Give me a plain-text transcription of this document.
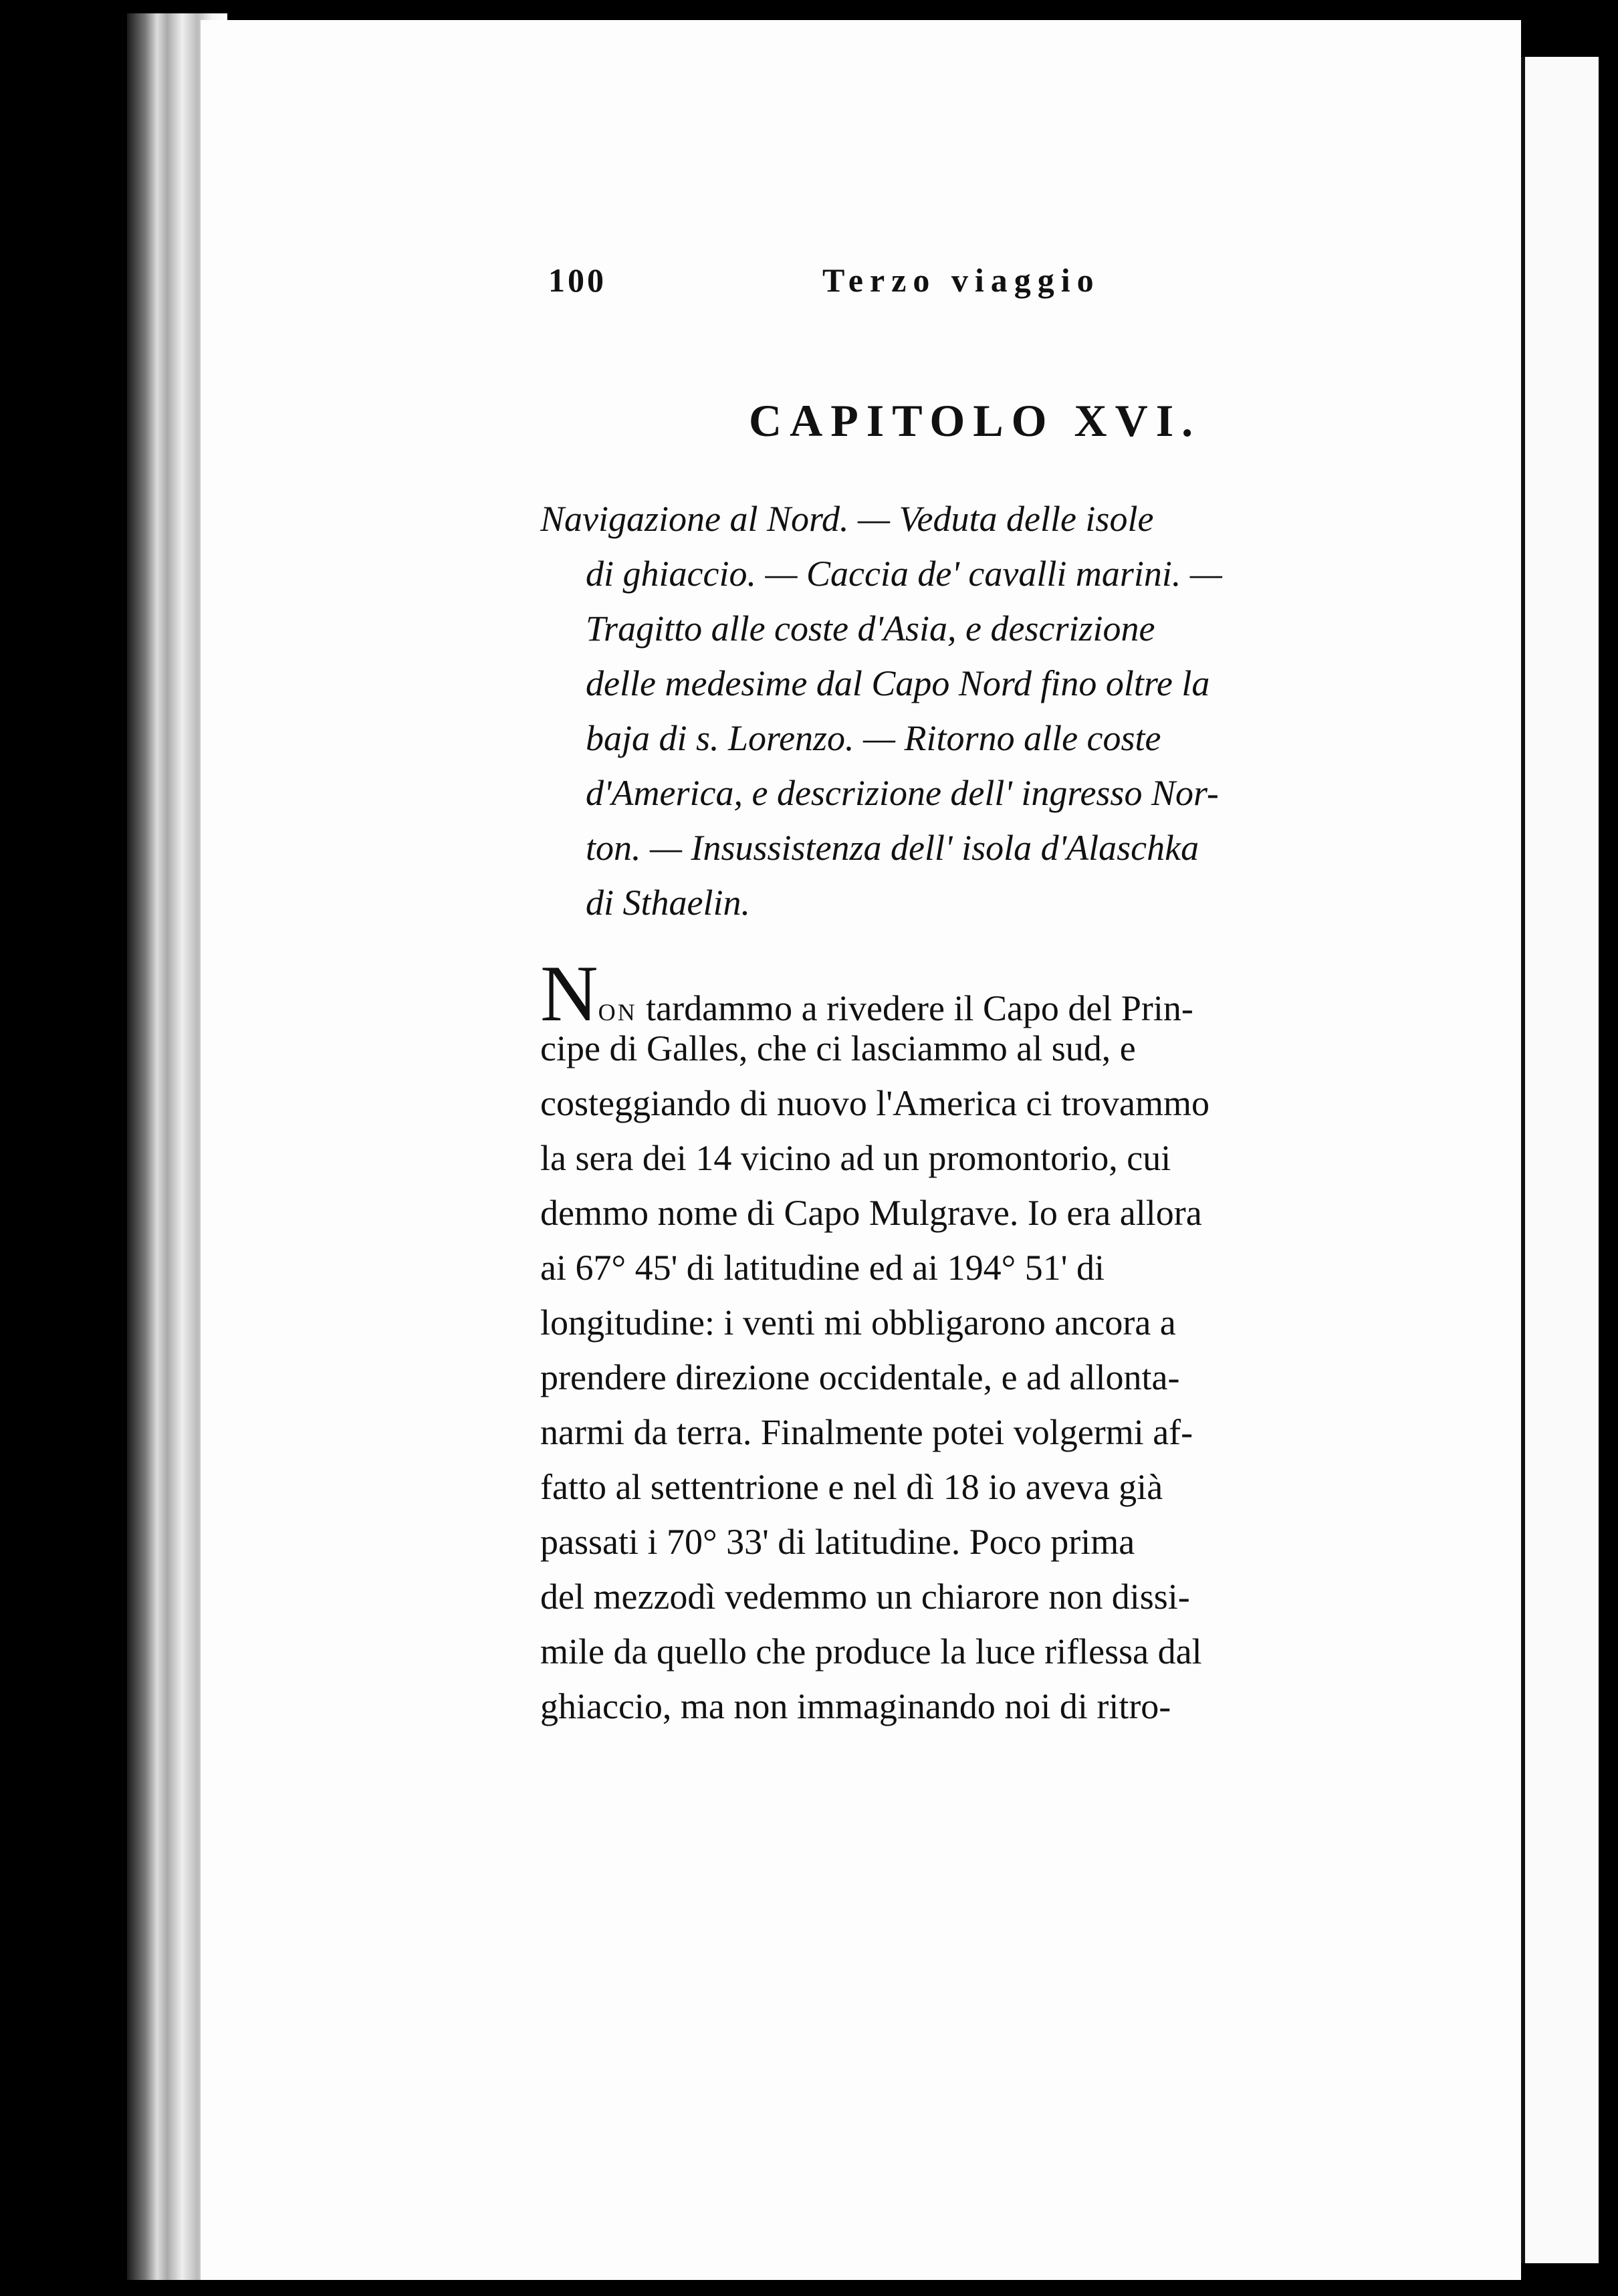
100	Terzo viaggio
CAPITOLO XVI.
Navigazione al Nord. — Veduta delle isole
di ghiaccio. — Caccia de' cavalli marini. —
Tragitto alle coste d'Asia, e descrizione
delle medesime dal Capo Nord fino oltre la
baja di s. Lorenzo. — Ritorno alle coste
d'America, e descrizione dell' ingresso Nor-
ton. — Insussistenza dell' isola d'Alaschka
di Sthaelin.
NON tardammo a rivedere il Capo del Prin-
cipe di Galles, che ci lasciammo al sud, e
costeggiando di nuovo l'America ci trovammo
la sera dei 14 vicino ad un promontorio, cui
demmo nome di Capo Mulgrave. Io era allora
ai 67° 45' di latitudine ed ai 194° 51' di
longitudine: i venti mi obbligarono ancora a
prendere direzione occidentale, e ad allonta-
narmi da terra. Finalmente potei volgermi af-
fatto al settentrione e nel dì 18 io aveva già
passati i 70° 33' di latitudine. Poco prima
del mezzodì vedemmo un chiarore non dissi-
mile da quello che produce la luce riflessa dal
ghiaccio, ma non immaginando noi di ritro-
